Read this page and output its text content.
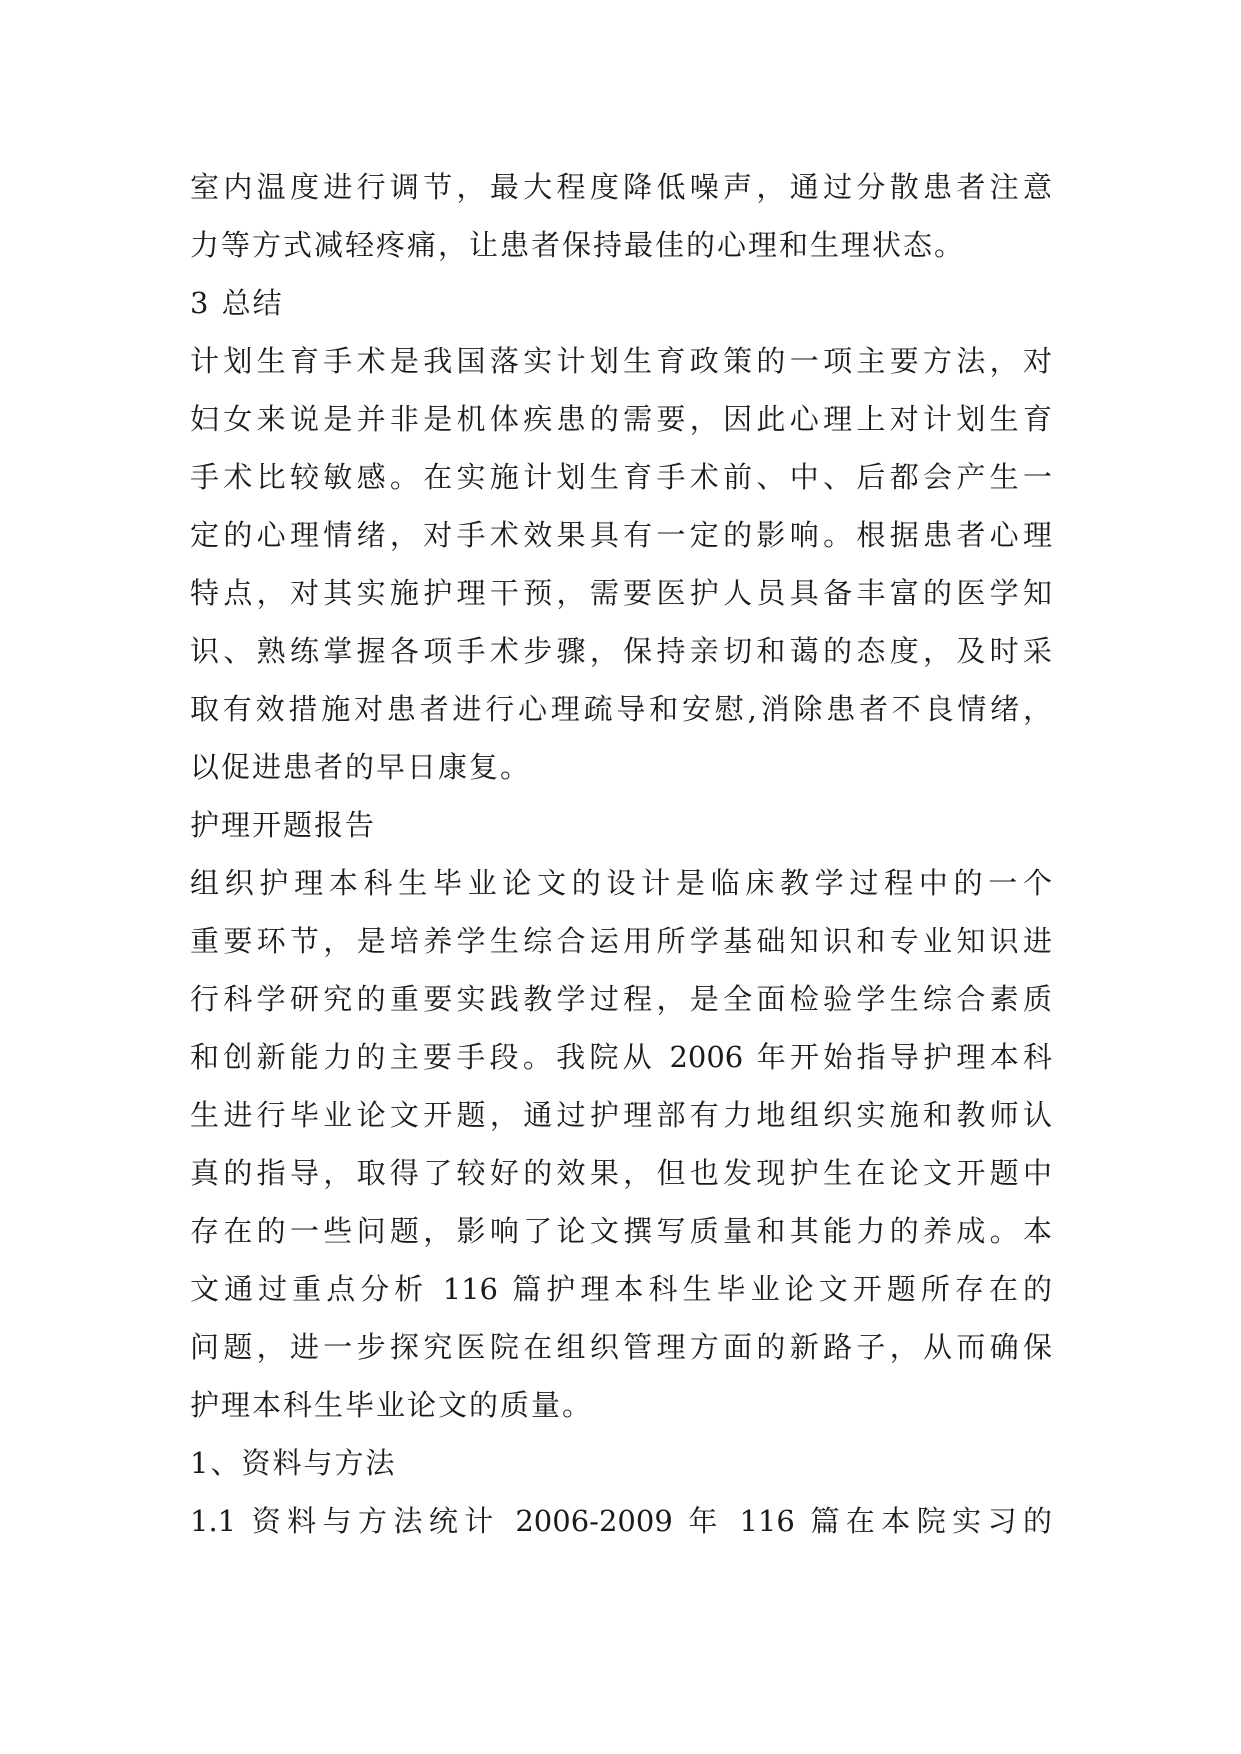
室内温度进行调节，最大程度降低噪声，通过分散患者注意
力等方式减轻疼痛，让患者保持最佳的心理和生理状态。
3 总结
计划生育手术是我国落实计划生育政策的一项主要方法，对
妇女来说是并非是机体疾患的需要，因此心理上对计划生育
手术比较敏感。在实施计划生育手术前、中、后都会产生一
定的心理情绪，对手术效果具有一定的影响。根据患者心理
特点，对其实施护理干预，需要医护人员具备丰富的医学知
识、熟练掌握各项手术步骤，保持亲切和蔼的态度，及时采
取有效措施对患者进行心理疏导和安慰,消除患者不良情绪，
以促进患者的早日康复。
护理开题报告
组织护理本科生毕业论文的设计是临床教学过程中的一个
重要环节，是培养学生综合运用所学基础知识和专业知识进
行科学研究的重要实践教学过程，是全面检验学生综合素质
和创新能力的主要手段。我院从 2006 年开始指导护理本科
生进行毕业论文开题，通过护理部有力地组织实施和教师认
真的指导，取得了较好的效果，但也发现护生在论文开题中
存在的一些问题，影响了论文撰写质量和其能力的养成。本
文通过重点分析 116 篇护理本科生毕业论文开题所存在的
问题，进一步探究医院在组织管理方面的新路子，从而确保
护理本科生毕业论文的质量。
1、资料与方法
1.1 资料与方法统计 2006-2009 年 116 篇在本院实习的
